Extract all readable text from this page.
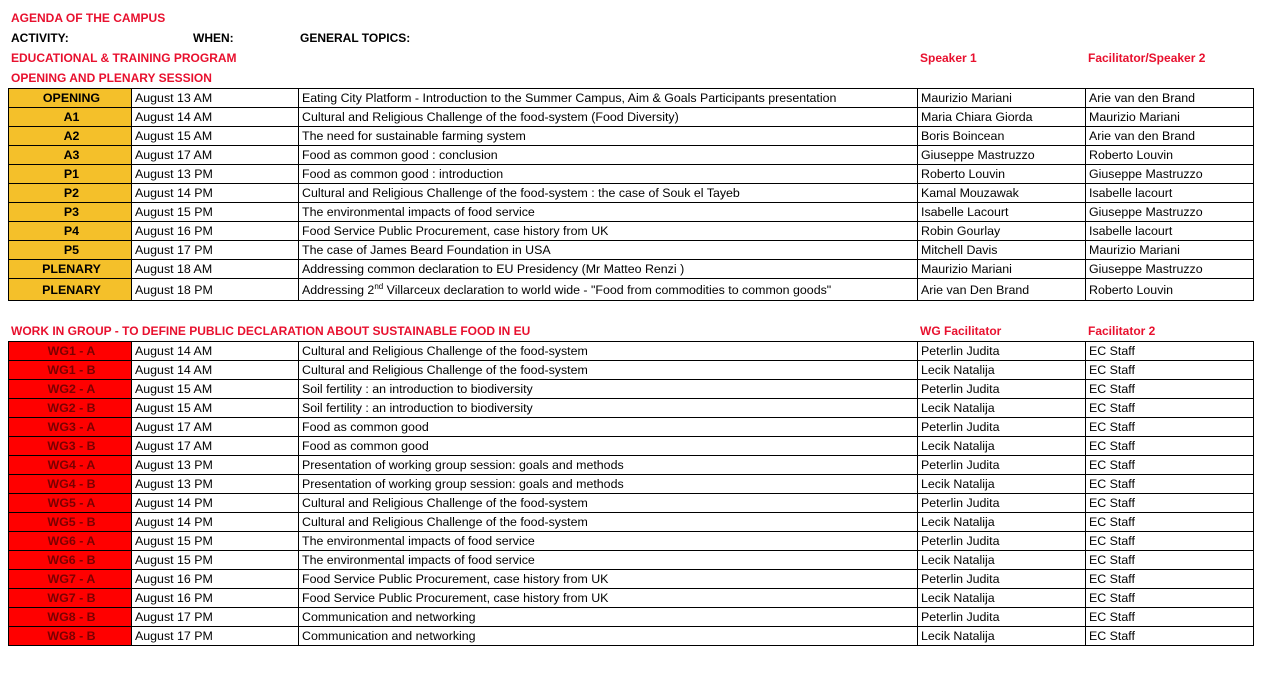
AGENDA OF THE CAMPUS
ACTIVITY:	WHEN:	GENERAL TOPICS:
EDUCATIONAL & TRAINING PROGRAM	Speaker 1	Facilitator/Speaker 2
OPENING AND PLENARY SESSION
OPENING	August 13 AM	Eating City Platform - Introduction to the Summer Campus, Aim & Goals Participants presentation	Maurizio Mariani	Arie van den Brand
A1	August 14 AM	Cultural and Religious Challenge of the food-system (Food Diversity)	Maria Chiara Giorda	Maurizio Mariani
A2	August 15 AM	The need for sustainable farming system	Boris Boincean	Arie van den Brand
A3	August 17 AM	Food as common good : conclusion	Giuseppe Mastruzzo	Roberto Louvin
P1	August 13 PM	Food as common good : introduction	Roberto Louvin	Giuseppe Mastruzzo
P2	August 14 PM	Cultural and Religious Challenge of the food-system : the case of Souk el Tayeb	Kamal Mouzawak	Isabelle lacourt
P3	August 15 PM	The environmental impacts of food service	Isabelle Lacourt	Giuseppe Mastruzzo
P4	August 16 PM	Food Service Public Procurement, case history from UK	Robin Gourlay	Isabelle lacourt
P5	August 17 PM	The case of James Beard Foundation in USA	Mitchell Davis	Maurizio Mariani
PLENARY	August 18 AM	Addressing common declaration to EU Presidency (Mr Matteo Renzi )	Maurizio Mariani	Giuseppe Mastruzzo
PLENARY	August 18 PM	Addressing 2nd Villarceux declaration to world wide - "Food from commodities to common goods"	Arie van Den Brand	Roberto Louvin
WORK IN GROUP - TO DEFINE PUBLIC DECLARATION ABOUT SUSTAINABLE FOOD IN EU	WG Facilitator	Facilitator 2
WG1 - A	August 14 AM	Cultural and Religious Challenge of the food-system	Peterlin Judita	EC Staff
WG1 - B	August 14 AM	Cultural and Religious Challenge of the food-system	Lecik Natalija	EC Staff
WG2 - A	August 15 AM	Soil fertility : an introduction to biodiversity	Peterlin Judita	EC Staff
WG2 - B	August 15 AM	Soil fertility : an introduction to biodiversity	Lecik Natalija	EC Staff
WG3 - A	August 17 AM	Food as common good	Peterlin Judita	EC Staff
WG3 - B	August 17 AM	Food as common good	Lecik Natalija	EC Staff
WG4 - A	August 13 PM	Presentation of working group session: goals and methods	Peterlin Judita	EC Staff
WG4 - B	August 13 PM	Presentation of working group session: goals and methods	Lecik Natalija	EC Staff
WG5 - A	August 14 PM	Cultural and Religious Challenge of the food-system	Peterlin Judita	EC Staff
WG5 - B	August 14 PM	Cultural and Religious Challenge of the food-system	Lecik Natalija	EC Staff
WG6 - A	August 15 PM	The environmental impacts of food service	Peterlin Judita	EC Staff
WG6 - B	August 15 PM	The environmental impacts of food service	Lecik Natalija	EC Staff
WG7 - A	August 16 PM	Food Service Public Procurement, case history from UK	Peterlin Judita	EC Staff
WG7 - B	August 16 PM	Food Service Public Procurement, case history from UK	Lecik Natalija	EC Staff
WG8 - B	August 17 PM	Communication and networking	Peterlin Judita	EC Staff
WG8 - B	August 17 PM	Communication and networking	Lecik Natalija	EC Staff
